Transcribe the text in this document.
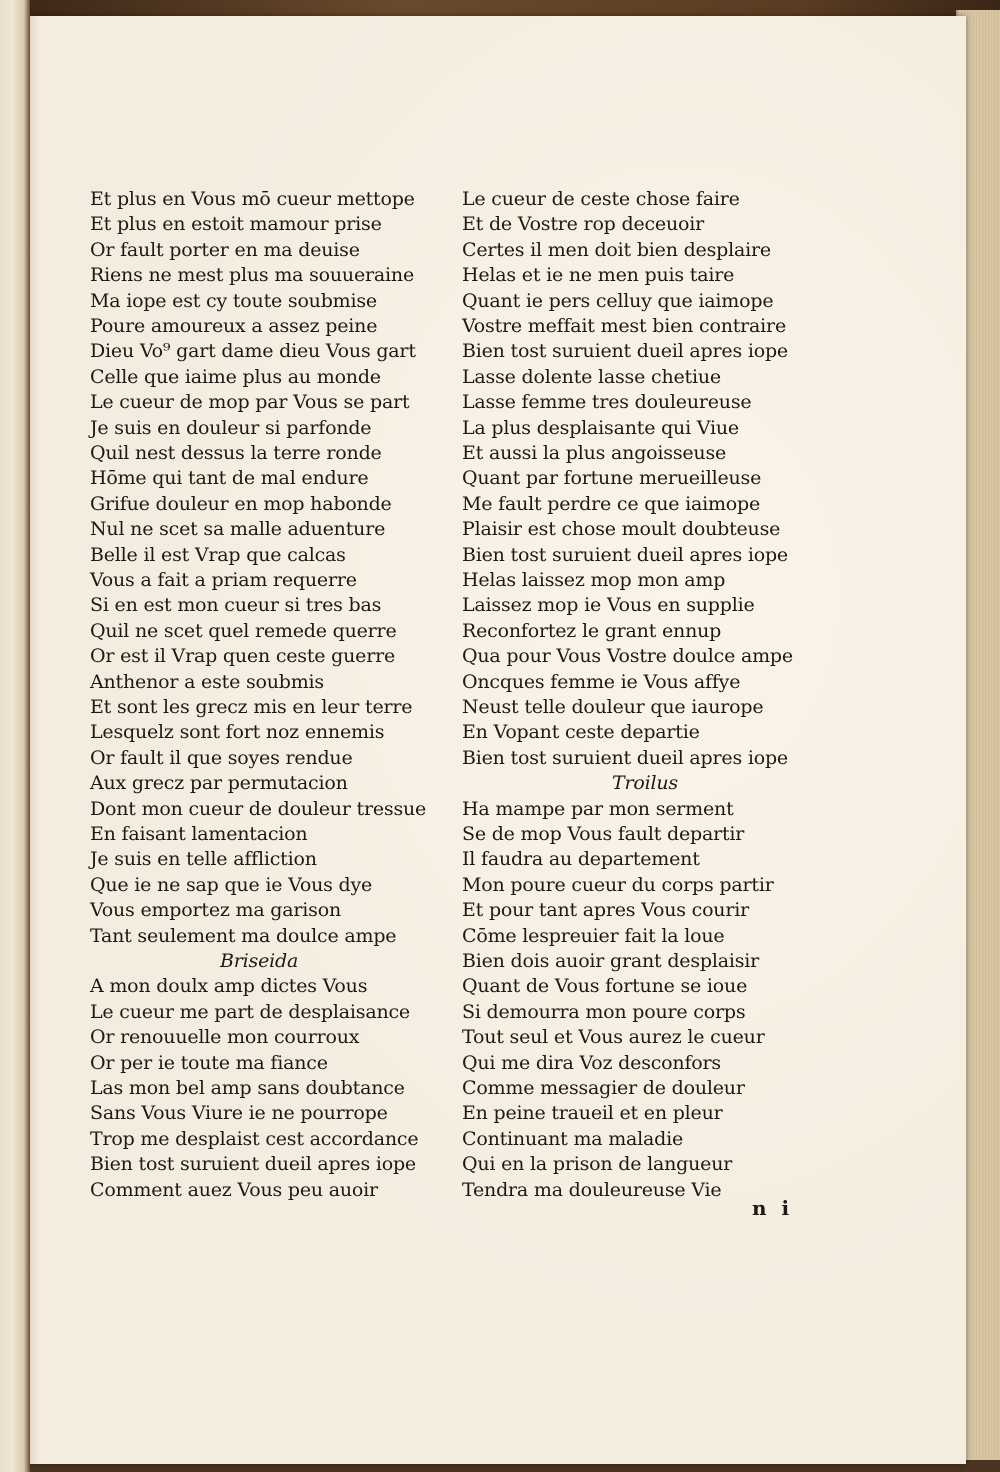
Et plus en Vous mō cueur mettope
Et plus en estoit mamour prise
Or fault porter en ma deuise
Riens ne mest plus ma souueraine
Ma iope est cy toute soubmise
Poure amoureux a assez peine
Dieu Vo⁹ gart dame dieu Vous gart
Celle que iaime plus au monde
Le cueur de mop par Vous se part
Je suis en douleur si parfonde
Quil nest dessus la terre ronde
Hōme qui tant de mal endure
Grifue douleur en mop habonde
Nul ne scet sa malle aduenture
Belle il est Vrap que calcas
Vous a fait a priam requerre
Si en est mon cueur si tres bas
Quil ne scet quel remede querre
Or est il Vrap quen ceste guerre
Anthenor a este soubmis
Et sont les grecz mis en leur terre
Lesquelz sont fort noz ennemis
Or fault il que soyes rendue
Aux grecz par permutacion
Dont mon cueur de douleur tressue
En faisant lamentacion
Je suis en telle affliction
Que ie ne sap que ie Vous dye
Vous emportez ma garison
Tant seulement ma doulce ampe
Briseida
A mon doulx amp dictes Vous
Le cueur me part de desplaisance
Or renouuelle mon courroux
Or per ie toute ma fiance
Las mon bel amp sans doubtance
Sans Vous Viure ie ne pourrope
Trop me desplaist cest accordance
Bien tost suruient dueil apres iope
Comment auez Vous peu auoir
Le cueur de ceste chose faire
Et de Vostre rop deceuoir
Certes il men doit bien desplaire
Helas et ie ne men puis taire
Quant ie pers celluy que iaimope
Vostre meffait mest bien contraire
Bien tost suruient dueil apres iope
Lasse dolente lasse chetiue
Lasse femme tres douleureuse
La plus desplaisante qui Viue
Et aussi la plus angoisseuse
Quant par fortune merueilleuse
Me fault perdre ce que iaimope
Plaisir est chose moult doubteuse
Bien tost suruient dueil apres iope
Helas laissez mop mon amp
Laissez mop ie Vous en supplie
Reconfortez le grant ennup
Qua pour Vous Vostre doulce ampe
Oncques femme ie Vous affye
Neust telle douleur que iaurope
En Vopant ceste departie
Bien tost suruient dueil apres iope
Troilus
Ha mampe par mon serment
Se de mop Vous fault departir
Il faudra au departement
Mon poure cueur du corps partir
Et pour tant apres Vous courir
Cōme lespreuier fait la loue
Bien dois auoir grant desplaisir
Quant de Vous fortune se ioue
Si demourra mon poure corps
Tout seul et Vous aurez le cueur
Qui me dira Voz desconfors
Comme messagier de douleur
En peine traueil et en pleur
Continuant ma maladie
Qui en la prison de langueur
Tendra ma douleureuse Vie
n i
